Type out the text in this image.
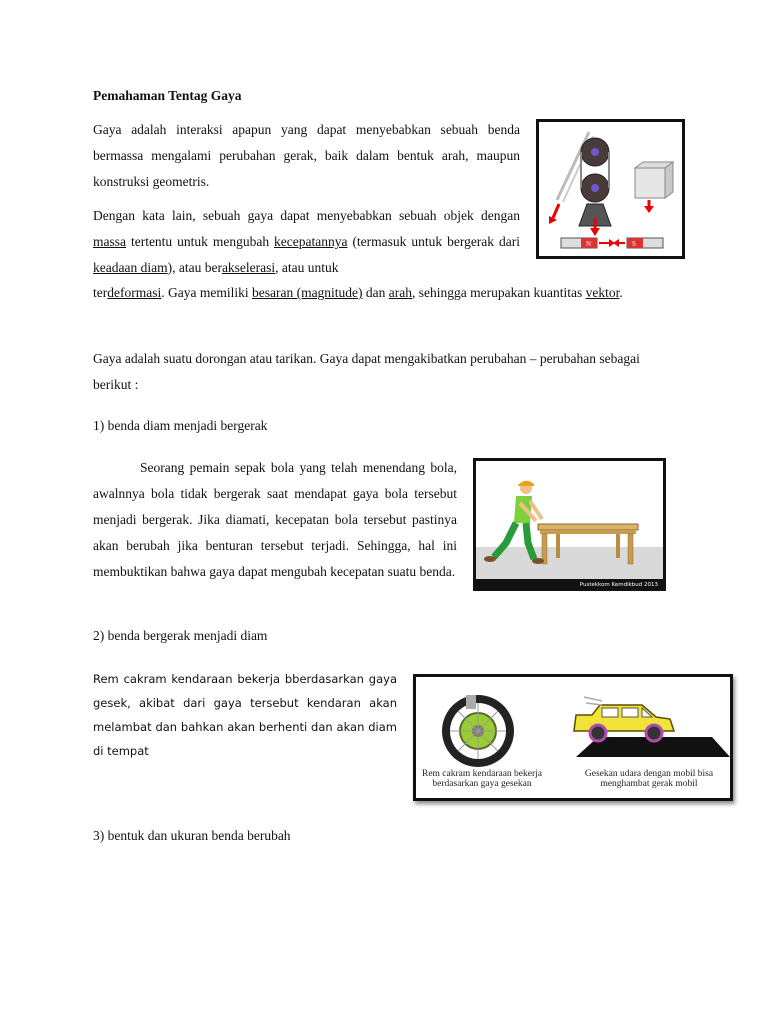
Pemahaman Tentag Gaya
Gaya adalah interaksi apapun yang dapat menyebabkan sebuah benda bermassa mengalami perubahan gerak, baik dalam bentuk arah, maupun konstruksi geometris.
Dengan kata lain, sebuah gaya dapat menyebabkan sebuah objek dengan massa tertentu untuk mengubah kecepatannya (termasuk untuk bergerak dari keadaan diam), atau berakselerasi, atau untuk
terdeformasi. Gaya memiliki besaran (magnitude) dan arah, sehingga merupakan kuantitas vektor.
N	S
Gaya adalah suatu dorongan atau tarikan. Gaya dapat mengakibatkan perubahan – perubahan sebagai berikut :
1) benda diam menjadi bergerak
Seorang pemain sepak bola yang telah menendang bola, awalnnya bola tidak bergerak saat mendapat gaya bola tersebut menjadi bergerak. Jika diamati, kecepatan bola tersebut pastinya akan berubah jika benturan tersebut terjadi. Sehingga, hal ini membuktikan bahwa gaya dapat mengubah kecepatan suatu benda.
Pustekkom Kemdikbud 2013
2) benda bergerak menjadi diam
Rem cakram kendaraan bekerja bberdasarkan gaya gesek, akibat dari gaya tersebut kendaran akan melambat dan bahkan akan berhenti dan akan diam di tempat
Rem cakram kendaraan bekerja berdasarkan gaya gesekan
Gesekan udara dengan mobil bisa menghambat gerak mobil
3) bentuk dan ukuran benda berubah
